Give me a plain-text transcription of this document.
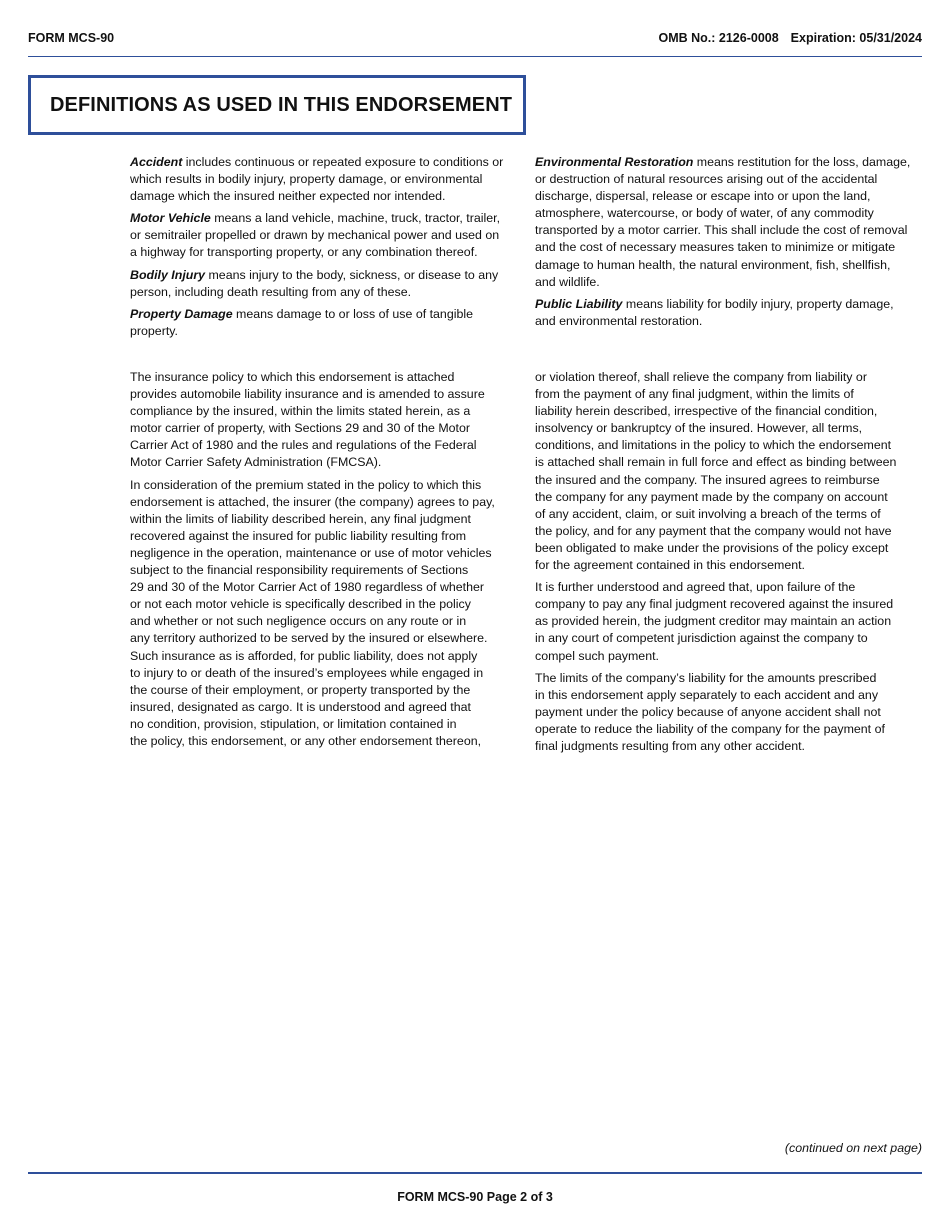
FORM MCS-90	OMB No.: 2126-0008 Expiration: 05/31/2024
DEFINITIONS AS USED IN THIS ENDORSEMENT

Accident includes continuous or repeated exposure to conditions or
which results in bodily injury, property damage, or environmental
damage which the insured neither expected nor intended.

Motor Vehicle means a land vehicle, machine, truck, tractor, trailer,
or semitrailer propelled or drawn by mechanical power and used on
a highway for transporting property, or any combination thereof.

Bodily Injury means injury to the body, sickness, or disease to any
person, including death resulting from any of these.

Property Damage means damage to or loss of use of tangible
property.

Environmental Restoration means restitution for the loss, damage,
or destruction of natural resources arising out of the accidental
discharge, dispersal, release or escape into or upon the land,
atmosphere, watercourse, or body of water, of any commodity
transported by a motor carrier. This shall include the cost of removal
and the cost of necessary measures taken to minimize or mitigate
damage to human health, the natural environment, fish, shellfish,
and wildlife.

Public Liability means liability for bodily injury, property damage,
and environmental restoration.

The insurance policy to which this endorsement is attached
provides automobile liability insurance and is amended to assure
compliance by the insured, within the limits stated herein, as a
motor carrier of property, with Sections 29 and 30 of the Motor
Carrier Act of 1980 and the rules and regulations of the Federal
Motor Carrier Safety Administration (FMCSA).

In consideration of the premium stated in the policy to which this
endorsement is attached, the insurer (the company) agrees to pay,
within the limits of liability described herein, any final judgment
recovered against the insured for public liability resulting from
negligence in the operation, maintenance or use of motor vehicles
subject to the financial responsibility requirements of Sections
29 and 30 of the Motor Carrier Act of 1980 regardless of whether
or not each motor vehicle is specifically described in the policy
and whether or not such negligence occurs on any route or in
any territory authorized to be served by the insured or elsewhere.
Such insurance as is afforded, for public liability, does not apply
to injury to or death of the insured’s employees while engaged in
the course of their employment, or property transported by the
insured, designated as cargo. It is understood and agreed that
no condition, provision, stipulation, or limitation contained in
the policy, this endorsement, or any other endorsement thereon,

or violation thereof, shall relieve the company from liability or
from the payment of any final judgment, within the limits of
liability herein described, irrespective of the financial condition,
insolvency or bankruptcy of the insured. However, all terms,
conditions, and limitations in the policy to which the endorsement
is attached shall remain in full force and effect as binding between
the insured and the company. The insured agrees to reimburse
the company for any payment made by the company on account
of any accident, claim, or suit involving a breach of the terms of
the policy, and for any payment that the company would not have
been obligated to make under the provisions of the policy except
for the agreement contained in this endorsement.

It is further understood and agreed that, upon failure of the
company to pay any final judgment recovered against the insured
as provided herein, the judgment creditor may maintain an action
in any court of competent jurisdiction against the company to
compel such payment.

The limits of the company’s liability for the amounts prescribed
in this endorsement apply separately to each accident and any
payment under the policy because of anyone accident shall not
operate to reduce the liability of the company for the payment of
final judgments resulting from any other accident.

(continued on next page)
FORM MCS-90 Page 2 of 3
